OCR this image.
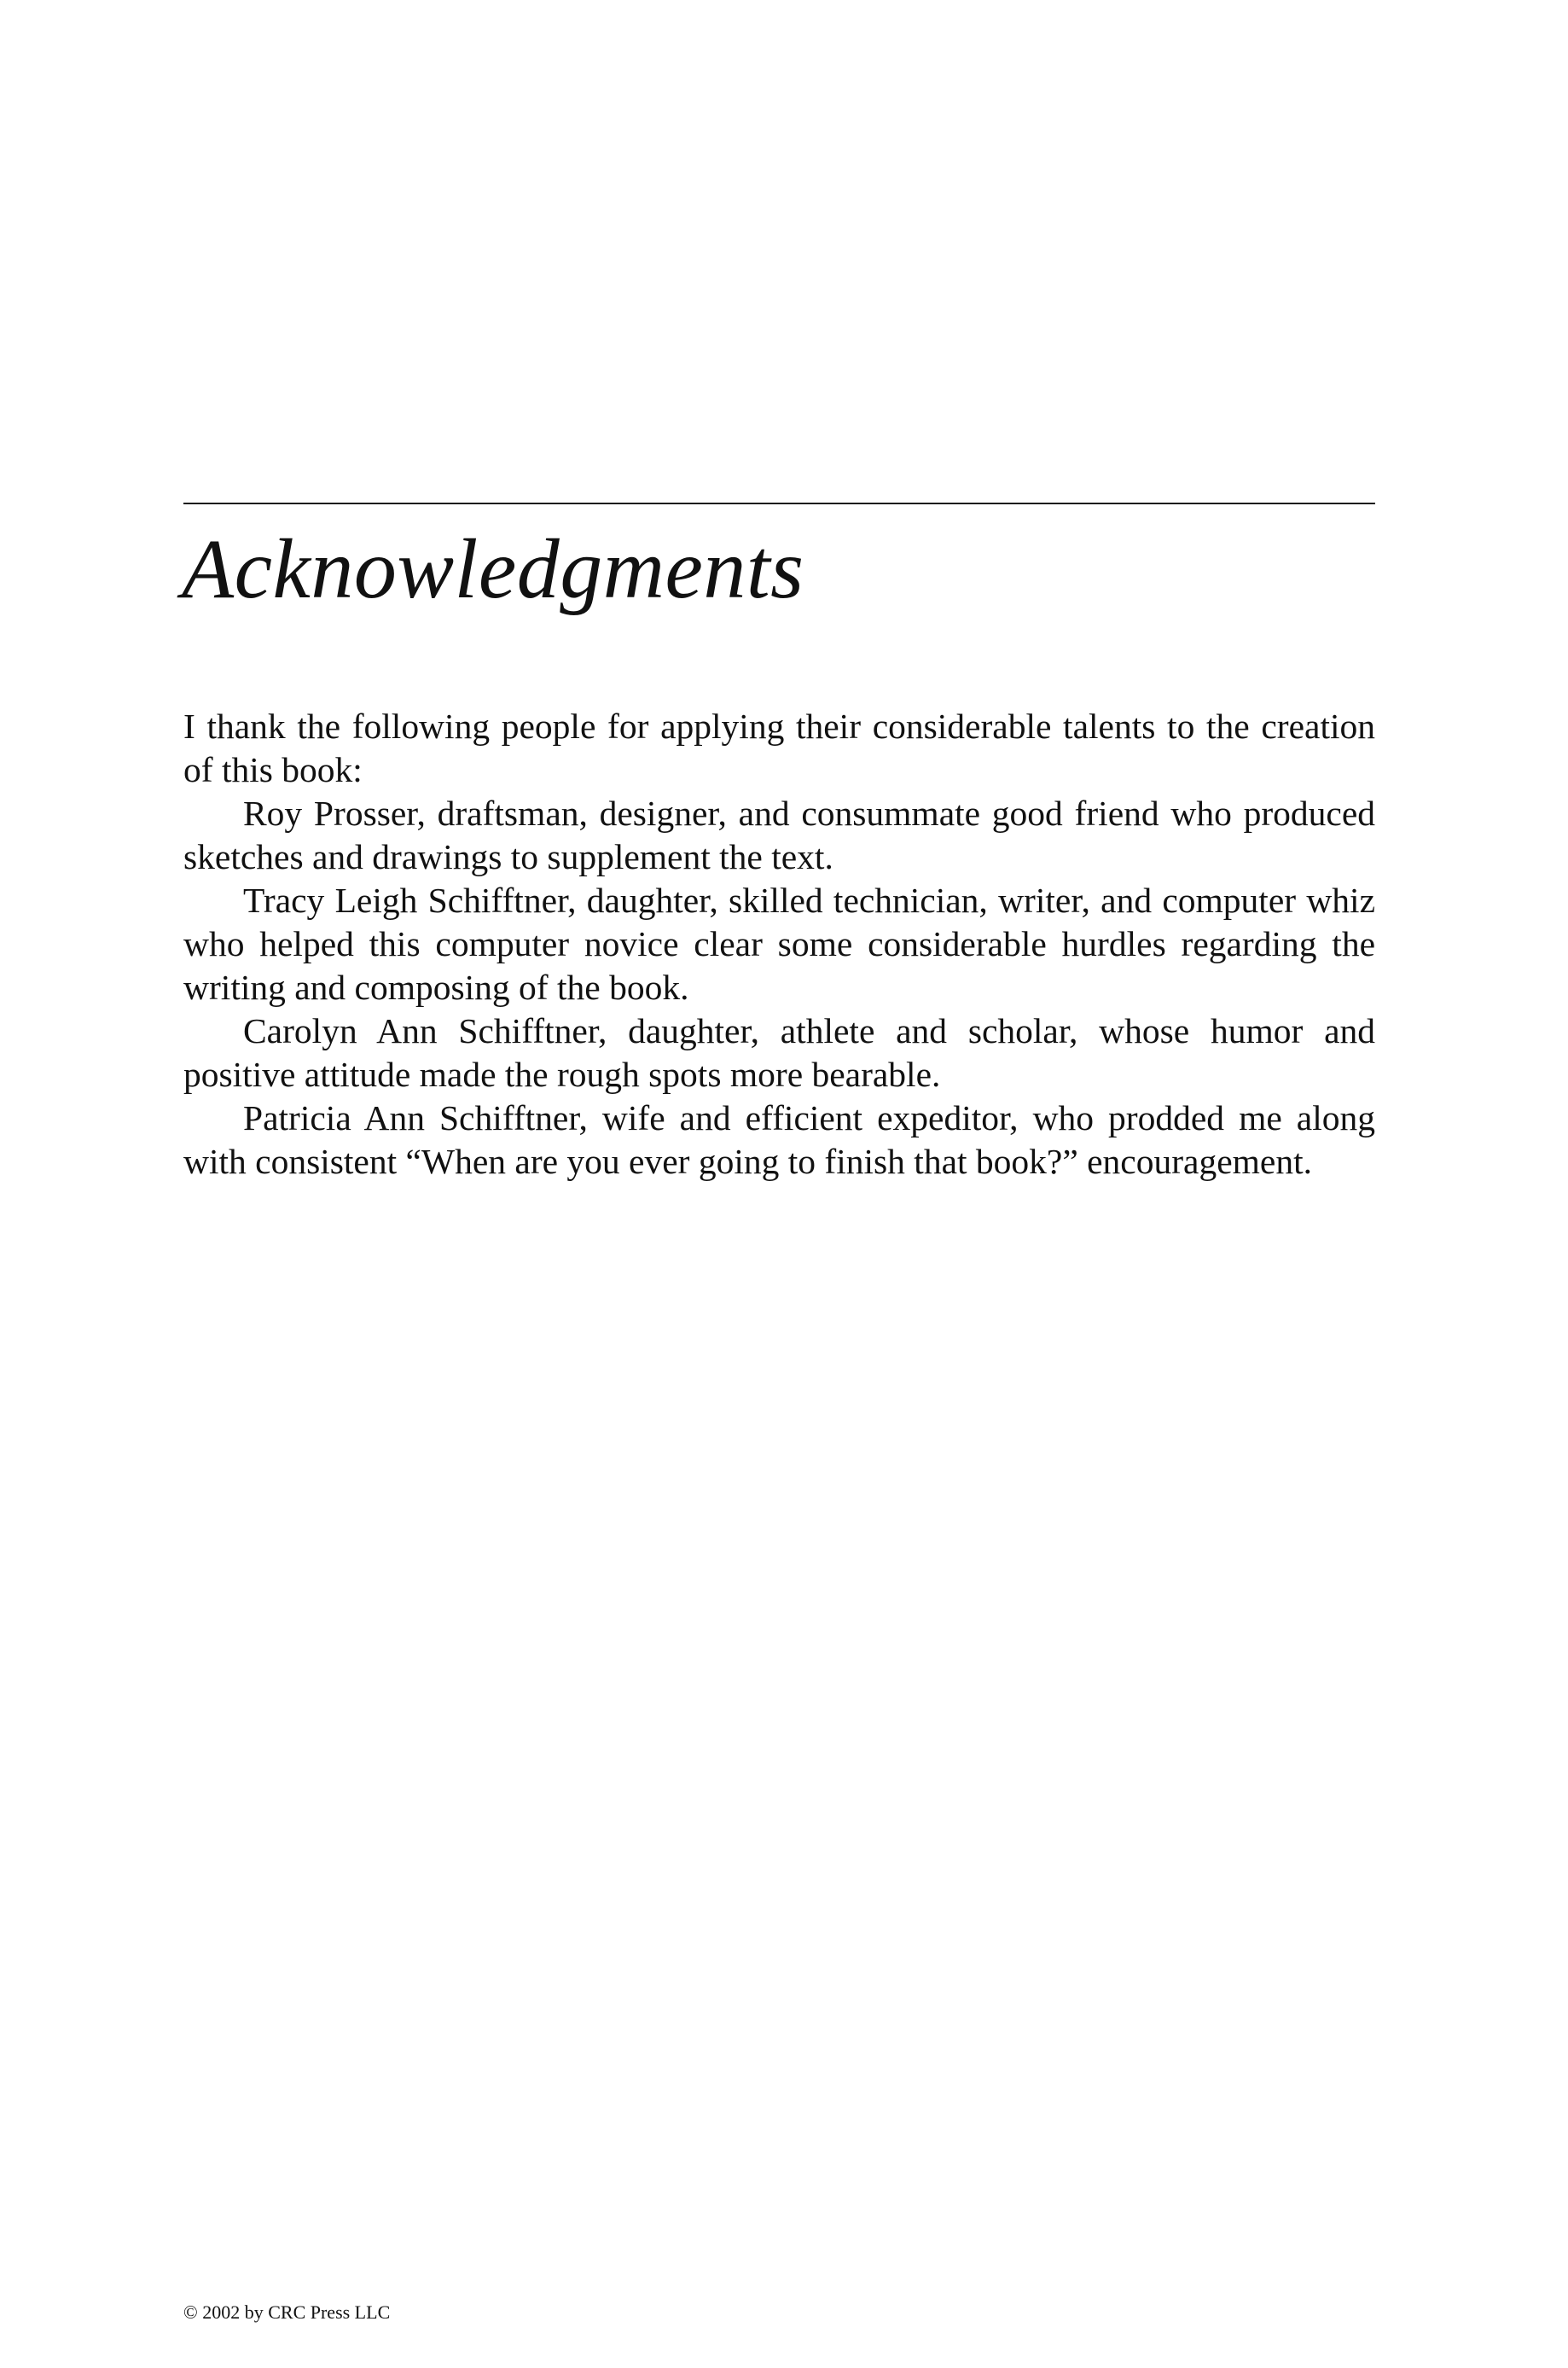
Acknowledgments

I thank the following people for applying their considerable talents to the creation of this book:

Roy Prosser, draftsman, designer, and consummate good friend who produced sketches and drawings to supplement the text.

Tracy Leigh Schifftner, daughter, skilled technician, writer, and computer whiz who helped this computer novice clear some considerable hurdles regarding the writing and composing of the book.

Carolyn Ann Schifftner, daughter, athlete and scholar, whose humor and positive attitude made the rough spots more bearable.

Patricia Ann Schifftner, wife and efficient expeditor, who prodded me along with consistent “When are you ever going to finish that book?” encouragement.

© 2002 by CRC Press LLC
